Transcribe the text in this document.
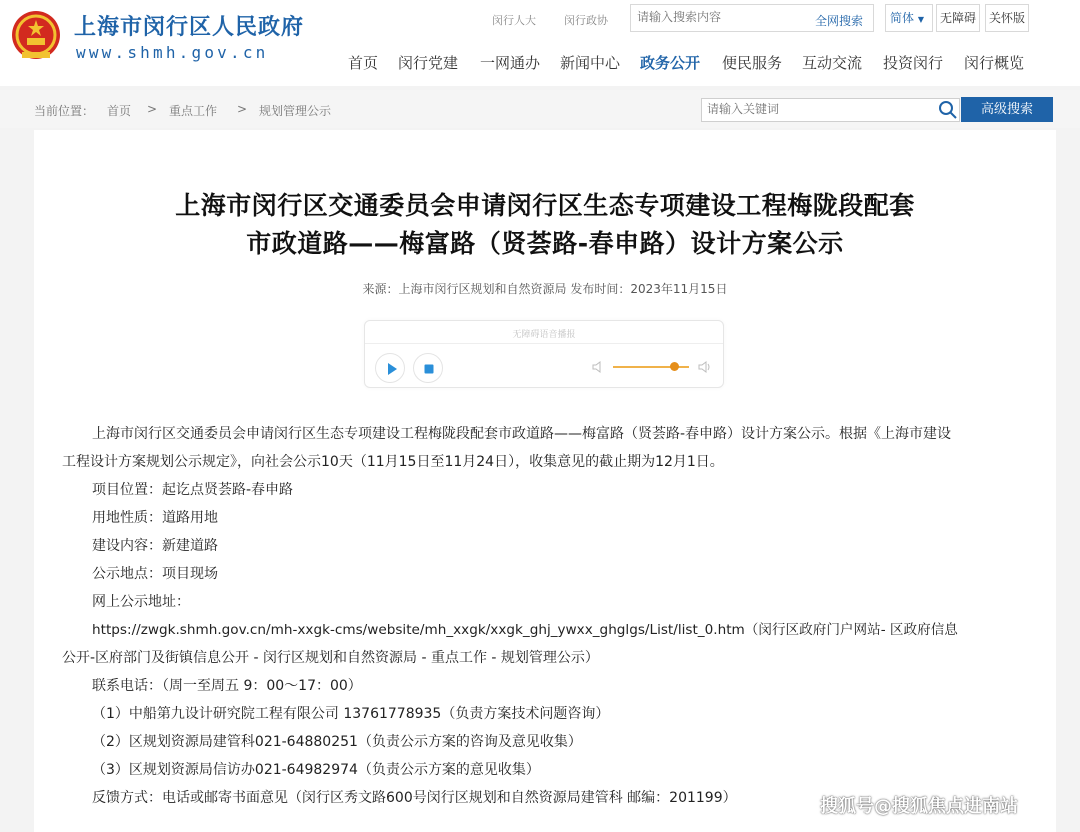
上海市闵行区人民政府
www.shmh.gov.cn
闵行人大	闵行政协
请输入搜索内容	全网搜索	简体 ▼	无障碍	关怀版
首页 闵行党建 一网通办 新闻中心 政务公开 便民服务 互动交流 投资闵行 闵行概览
当前位置： 首页 > 重点工作 > 规划管理公示
请输入关键词	高级搜索
上海市闵行区交通委员会申请闵行区生态专项建设工程梅陇段配套
市政道路——梅富路（贤荟路-春申路）设计方案公示
来源：上海市闵行区规划和自然资源局 发布时间：2023年11月15日
无障碍语音播报
上海市闵行区交通委员会申请闵行区生态专项建设工程梅陇段配套市政道路——梅富路（贤荟路-春申路）设计方案公示。根据《上海市建设
工程设计方案规划公示规定》，向社会公示10天（11月15日至11月24日），收集意见的截止期为12月1日。
项目位置：起讫点贤荟路-春申路
用地性质：道路用地
建设内容：新建道路
公示地点：项目现场
网上公示地址：
https://zwgk.shmh.gov.cn/mh-xxgk-cms/website/mh_xxgk/xxgk_ghj_ywxx_ghglgs/List/list_0.htm（闵行区政府门户网站- 区政府信息
公开-区府部门及街镇信息公开 - 闵行区规划和自然资源局 - 重点工作 - 规划管理公示）
联系电话：（周一至周五 9：00～17：00）
（1）中船第九设计研究院工程有限公司 13761778935（负责方案技术问题咨询）
（2）区规划资源局建管科021-64880251（负责公示方案的咨询及意见收集）
（3）区规划资源局信访办021-64982974（负责公示方案的意见收集）
反馈方式：电话或邮寄书面意见（闵行区秀文路600号闵行区规划和自然资源局建管科 邮编：201199）	搜狐号@搜狐焦点进南站
